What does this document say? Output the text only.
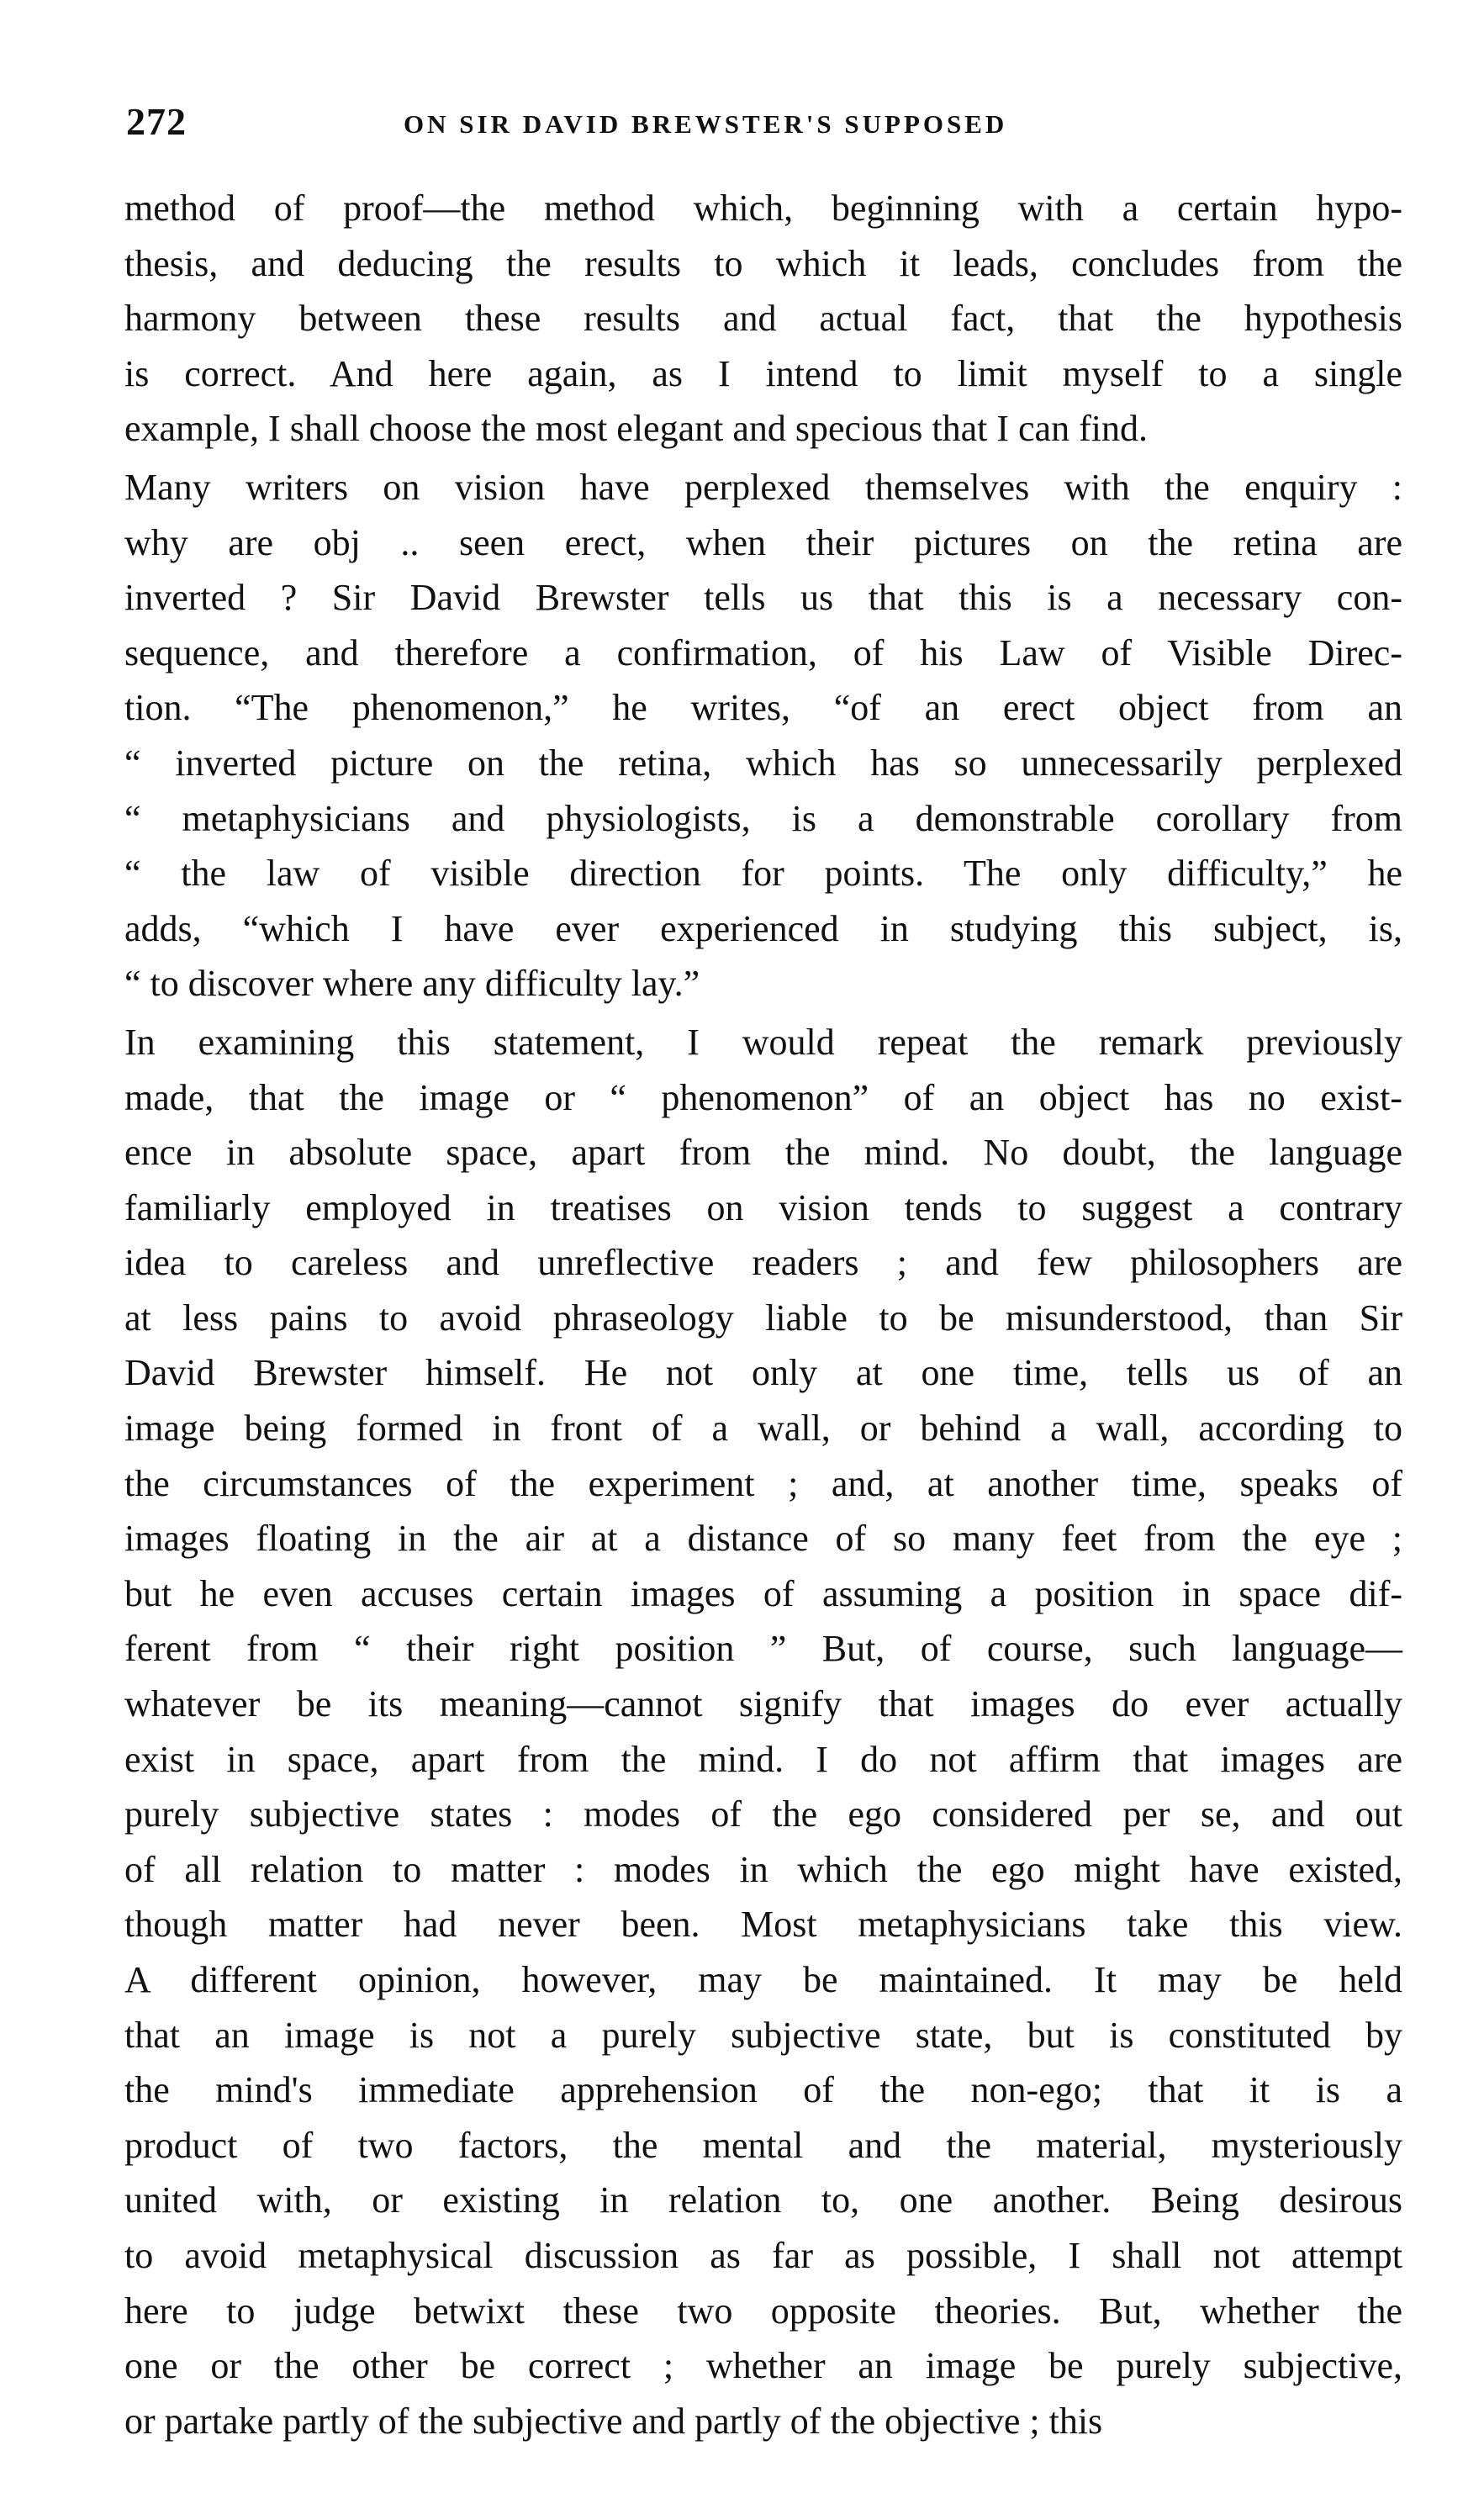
272	ON SIR DAVID BREWSTER'S SUPPOSED
method of proof—the method which, beginning with a certain hypo-
thesis, and deducing the results to which it leads, concludes from the
harmony between these results and actual fact, that the hypothesis
is correct. And here again, as I intend to limit myself to a single
example, I shall choose the most elegant and specious that I can find.
Many writers on vision have perplexed themselves with the enquiry :
why are obj .. seen erect, when their pictures on the retina are
inverted ? Sir David Brewster tells us that this is a necessary con-
sequence, and therefore a confirmation, of his Law of Visible Direc-
tion. “The phenomenon,” he writes, “of an erect object from an
“ inverted picture on the retina, which has so unnecessarily perplexed
“ metaphysicians and physiologists, is a demonstrable corollary from
“ the law of visible direction for points. The only difficulty,” he
adds, “which I have ever experienced in studying this subject, is,
“ to discover where any difficulty lay.”
In examining this statement, I would repeat the remark previously
made, that the image or “ phenomenon” of an object has no exist-
ence in absolute space, apart from the mind. No doubt, the language
familiarly employed in treatises on vision tends to suggest a contrary
idea to careless and unreflective readers ; and few philosophers are
at less pains to avoid phraseology liable to be misunderstood, than Sir
David Brewster himself. He not only at one time, tells us of an
image being formed in front of a wall, or behind a wall, according to
the circumstances of the experiment ; and, at another time, speaks of
images floating in the air at a distance of so many feet from the eye ;
but he even accuses certain images of assuming a position in space dif-
ferent from “ their right position ” But, of course, such language—
whatever be its meaning—cannot signify that images do ever actually
exist in space, apart from the mind. I do not affirm that images are
purely subjective states : modes of the ego considered per se, and out
of all relation to matter : modes in which the ego might have existed,
though matter had never been. Most metaphysicians take this view.
A different opinion, however, may be maintained. It may be held
that an image is not a purely subjective state, but is constituted by
the mind's immediate apprehension of the non-ego; that it is a
product of two factors, the mental and the material, mysteriously
united with, or existing in relation to, one another. Being desirous
to avoid metaphysical discussion as far as possible, I shall not attempt
here to judge betwixt these two opposite theories. But, whether the
one or the other be correct ; whether an image be purely subjective,
or partake partly of the subjective and partly of the objective ; this
